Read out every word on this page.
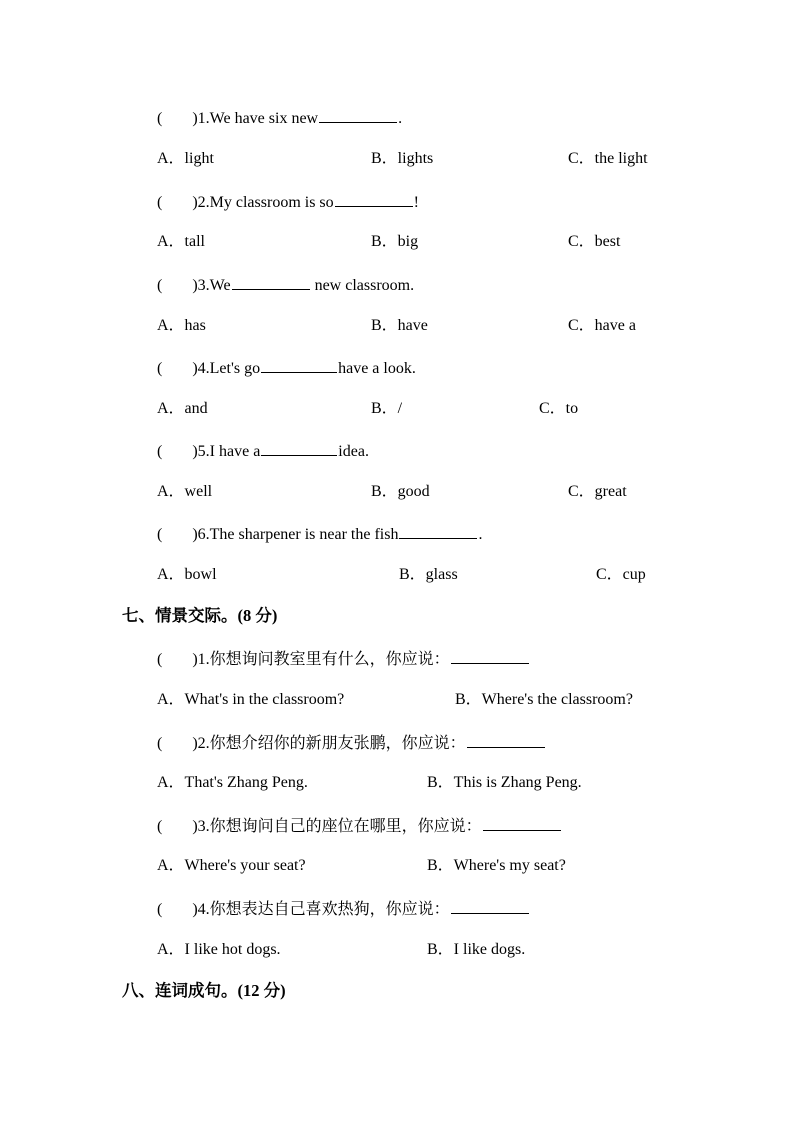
( )1.We have six new	.
A．light	B．lights	C．the light
( )2.My classroom is so	!
A．tall	B．big	C．best
( )3.We	new classroom.
A．has	B．have	C．have a
( )4.Let's go	have a look.
A．and	B．/	C．to
( )5.I have a	idea.
A．well	B．good	C．great
( )6.The sharpener is near the fish	.
A．bowl	B．glass	C．cup
七、情景交际。(8 分)
( )1.你想询问教室里有什么，你应说：
A．What's in the classroom?	B．Where's the classroom?
( )2.你想介绍你的新朋友张鹏，你应说：
A．That's Zhang Peng.	B．This is Zhang Peng.
( )3.你想询问自己的座位在哪里，你应说：
A．Where's your seat?	B．Where's my seat?
( )4.你想表达自己喜欢热狗，你应说：
A．I like hot dogs.	B．I like dogs.
八、连词成句。(12 分)
